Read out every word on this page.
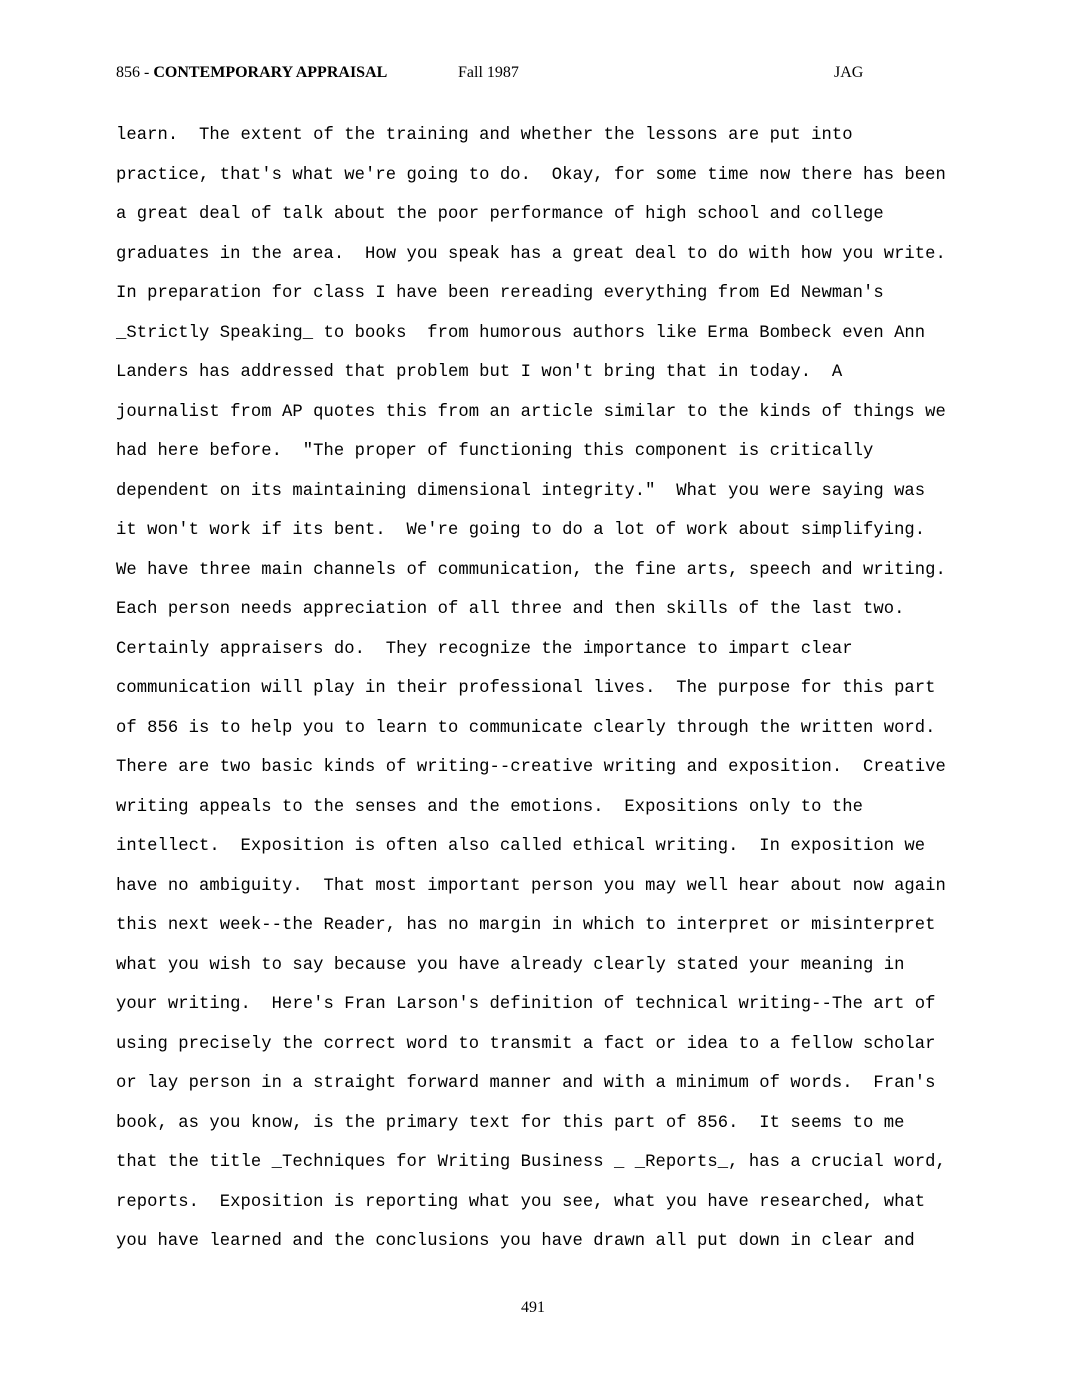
856 - CONTEMPORARY APPRAISAL	Fall 1987	JAG
learn.  The extent of the training and whether the lessons are put into
practice, that's what we're going to do.  Okay, for some time now there has been
a great deal of talk about the poor performance of high school and college
graduates in the area.  How you speak has a great deal to do with how you write.
In preparation for class I have been rereading everything from Ed Newman's
_Strictly Speaking_ to books  from humorous authors like Erma Bombeck even Ann
Landers has addressed that problem but I won't bring that in today.  A
journalist from AP quotes this from an article similar to the kinds of things we
had here before.  "The proper of functioning this component is critically
dependent on its maintaining dimensional integrity."  What you were saying was
it won't work if its bent.  We're going to do a lot of work about simplifying.
We have three main channels of communication, the fine arts, speech and writing.
Each person needs appreciation of all three and then skills of the last two.
Certainly appraisers do.  They recognize the importance to impart clear
communication will play in their professional lives.  The purpose for this part
of 856 is to help you to learn to communicate clearly through the written word.
There are two basic kinds of writing--creative writing and exposition.  Creative
writing appeals to the senses and the emotions.  Expositions only to the
intellect.  Exposition is often also called ethical writing.  In exposition we
have no ambiguity.  That most important person you may well hear about now again
this next week--the Reader, has no margin in which to interpret or misinterpret
what you wish to say because you have already clearly stated your meaning in
your writing.  Here's Fran Larson's definition of technical writing--The art of
using precisely the correct word to transmit a fact or idea to a fellow scholar
or lay person in a straight forward manner and with a minimum of words.  Fran's
book, as you know, is the primary text for this part of 856.  It seems to me
that the title _Techniques for Writing Business _ _Reports_, has a crucial word,
reports.  Exposition is reporting what you see, what you have researched, what
you have learned and the conclusions you have drawn all put down in clear and
491
